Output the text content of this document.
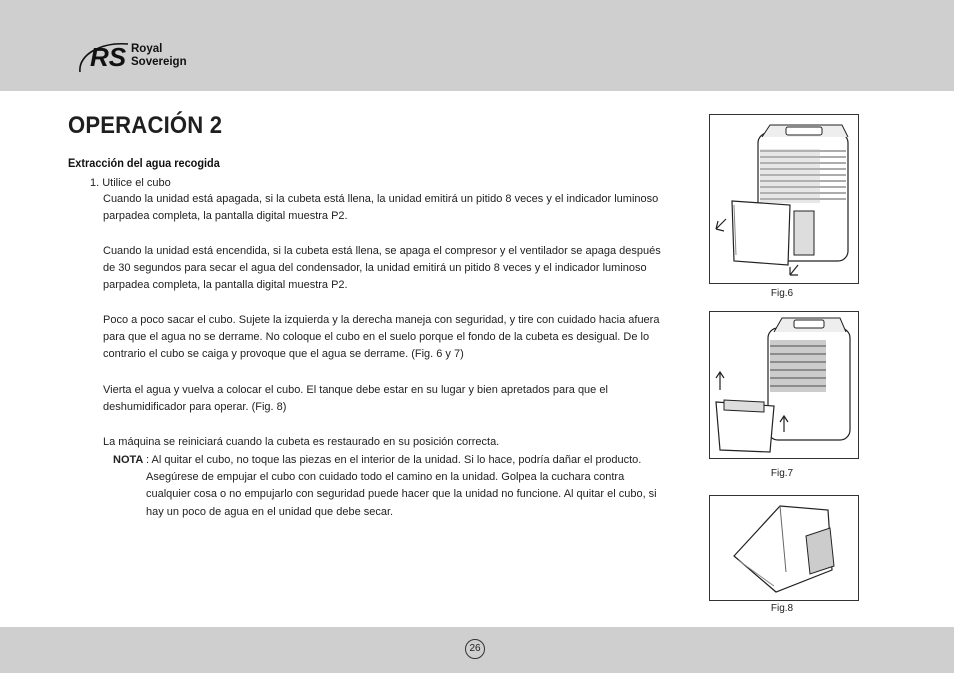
RS Royal
Sovereign
OPERACIÓN 2
Extracción del agua recogida
1. Utilice el cubo
Cuando la unidad está apagada, si la cubeta está llena, la unidad emitirá un pitido 8 veces y el indicador luminoso parpadea completa, la pantalla digital muestra P2.
Cuando la unidad está encendida, si la cubeta está llena, se apaga el compresor y el ventilador se apaga después de 30 segundos para secar el agua del condensador, la unidad emitirá un pitido 8 veces y el indicador luminoso parpadea completa, la pantalla digital muestra P2.
Poco a poco sacar el cubo. Sujete la izquierda y la derecha maneja con seguridad, y tire con cuidado hacia afuera para que el agua no se derrame. No coloque el cubo en el suelo porque el fondo de la cubeta es desigual. De lo contrario el cubo se caiga y provoque que el agua se derrame. (Fig. 6 y 7)
Vierta el agua y vuelva a colocar el cubo. El tanque debe estar en su lugar y bien apretados para que el deshumidificador para operar. (Fig. 8)
La máquina se reiniciará cuando la cubeta es restaurado en su posición correcta.
NOTA : Al quitar el cubo, no toque las piezas en el interior de la unidad. Si lo hace, podría dañar el producto. Asegúrese de empujar el cubo con cuidado todo el camino en la unidad. Golpea la cuchara contra cualquier cosa o no empujarlo con seguridad puede hacer que la unidad no funcione. Al quitar el cubo, si hay un poco de agua en el unidad que debe secar.
Fig.6
Fig.7
Fig.8
26
